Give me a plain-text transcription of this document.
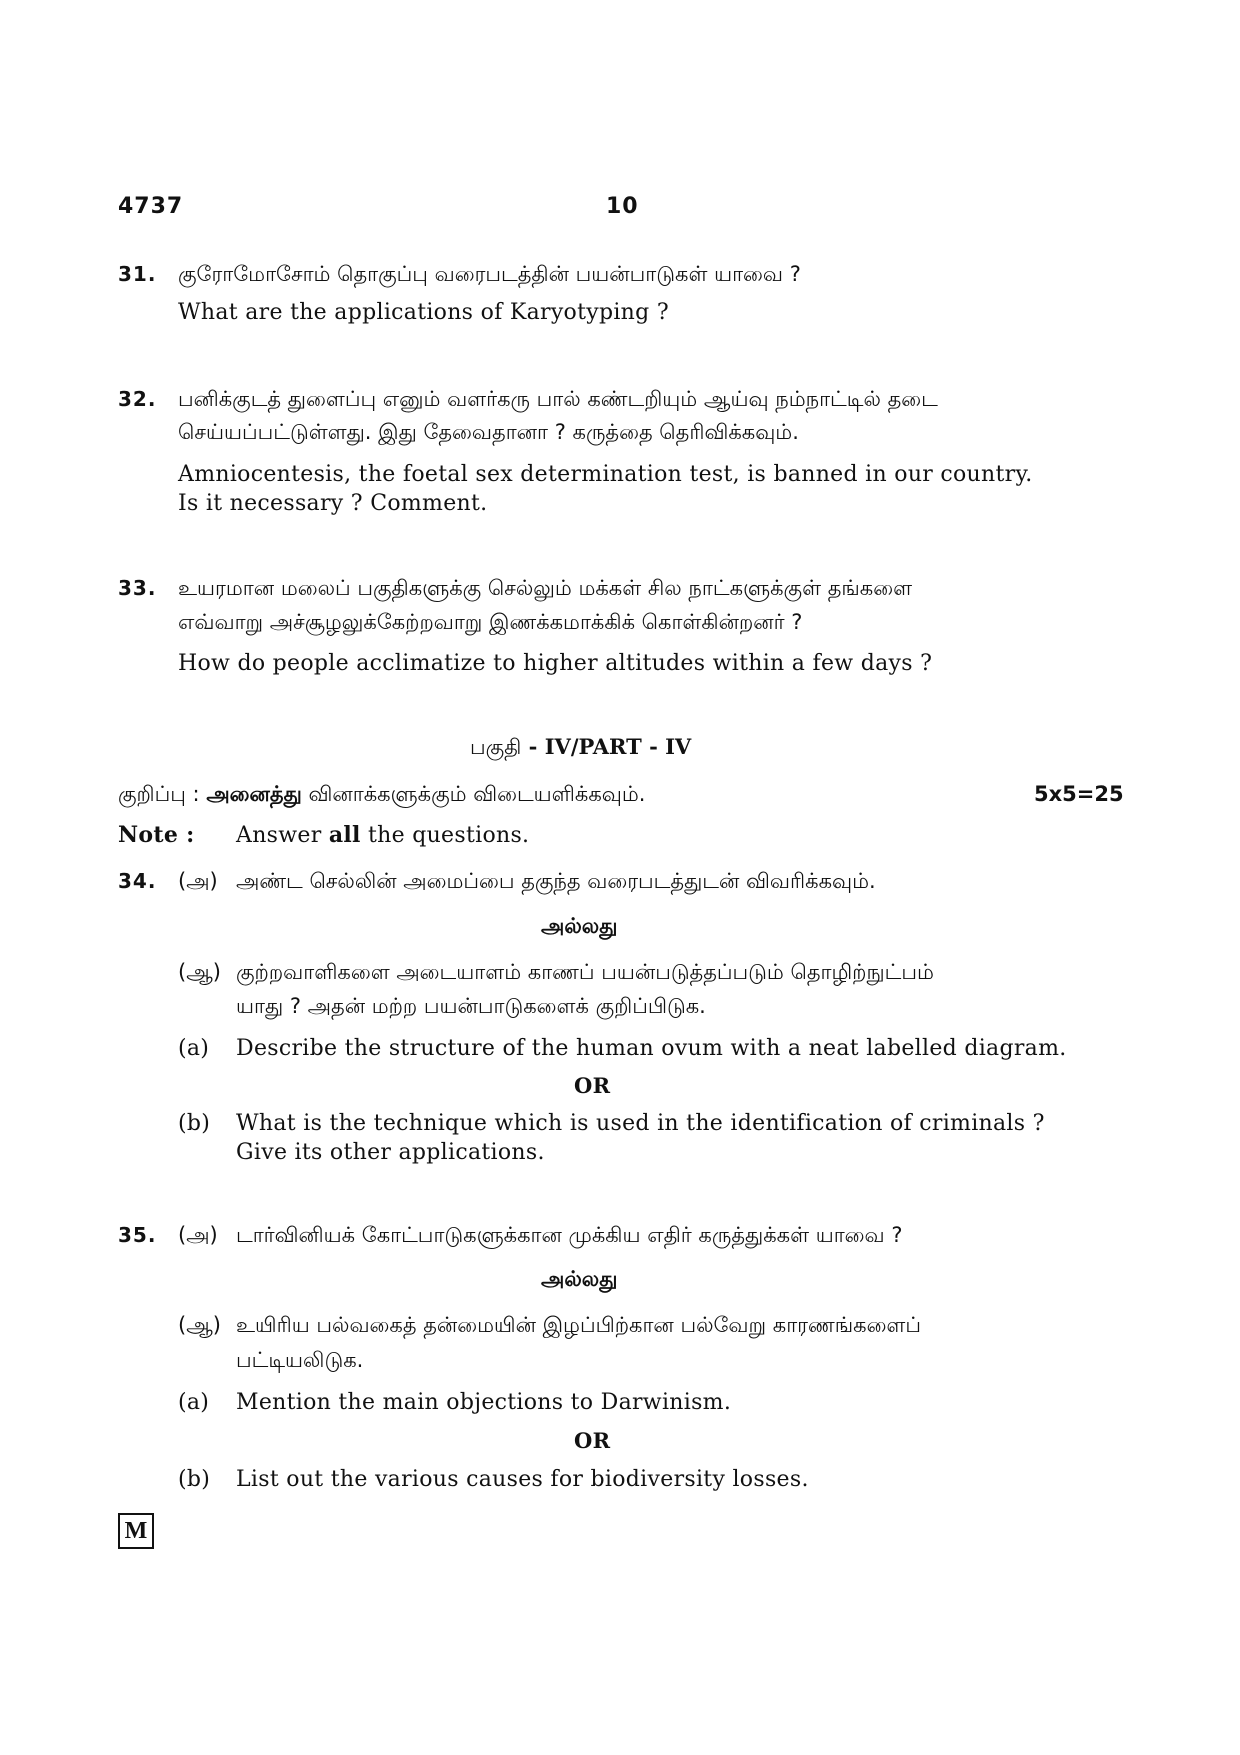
4737	10
31. குரோமோசோம் தொகுப்பு வரைபடத்தின் பயன்பாடுகள் யாவை ?
What are the applications of Karyotyping ?
32. பனிக்குடத் துளைப்பு எனும் வளர்கரு பால் கண்டறியும் ஆய்வு நம்நாட்டில் தடை
செய்யப்பட்டுள்ளது. இது தேவைதானா ? கருத்தை தெரிவிக்கவும்.
Amniocentesis, the foetal sex determination test, is banned in our country.
Is it necessary ? Comment.
33. உயரமான மலைப் பகுதிகளுக்கு செல்லும் மக்கள் சில நாட்களுக்குள் தங்களை
எவ்வாறு அச்சூழலுக்கேற்றவாறு இணக்கமாக்கிக் கொள்கின்றனர் ?
How do people acclimatize to higher altitudes within a few days ?
பகுதி - IV/PART - IV
குறிப்பு : அனைத்து வினாக்களுக்கும் விடையளிக்கவும்.	5x5=25
Note : Answer all the questions.
34. (அ) அண்ட செல்லின் அமைப்பை தகுந்த வரைபடத்துடன் விவரிக்கவும்.
அல்லது
(ஆ) குற்றவாளிகளை அடையாளம் காணப் பயன்படுத்தப்படும் தொழிற்நுட்பம்
யாது ? அதன் மற்ற பயன்பாடுகளைக் குறிப்பிடுக.
(a) Describe the structure of the human ovum with a neat labelled diagram.
OR
(b) What is the technique which is used in the identification of criminals ?
Give its other applications.
35. (அ) டார்வினியக் கோட்பாடுகளுக்கான முக்கிய எதிர் கருத்துக்கள் யாவை ?
அல்லது
(ஆ) உயிரிய பல்வகைத் தன்மையின் இழப்பிற்கான பல்வேறு காரணங்களைப்
பட்டியலிடுக.
(a) Mention the main objections to Darwinism.
OR
(b) List out the various causes for biodiversity losses.
M
